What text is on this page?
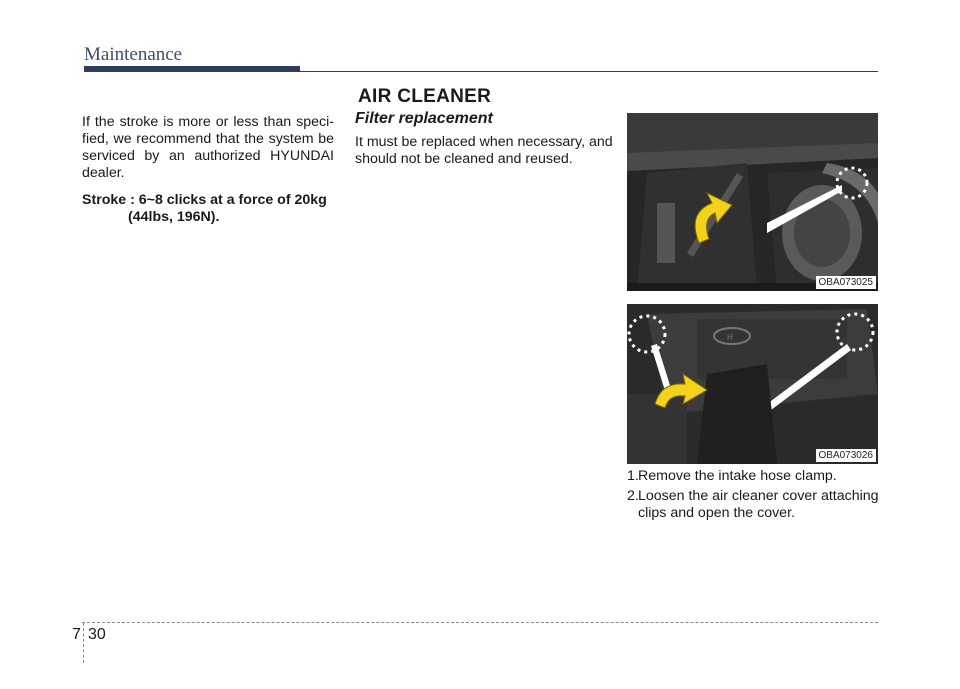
Maintenance
AIR CLEANER

If the stroke is more or less than speci-fied, we recommend that the system be serviced by an authorized HYUNDAI dealer.

Stroke : 6~8 clicks at a force of 20kg
(44lbs, 196N).

Filter replacement

It must be replaced when necessary, and should not be cleaned and reused.

OBA073025
H
OBA073026
1. Remove the intake hose clamp.
2. Loosen the air cleaner cover attaching clips and open the cover.
7 30
